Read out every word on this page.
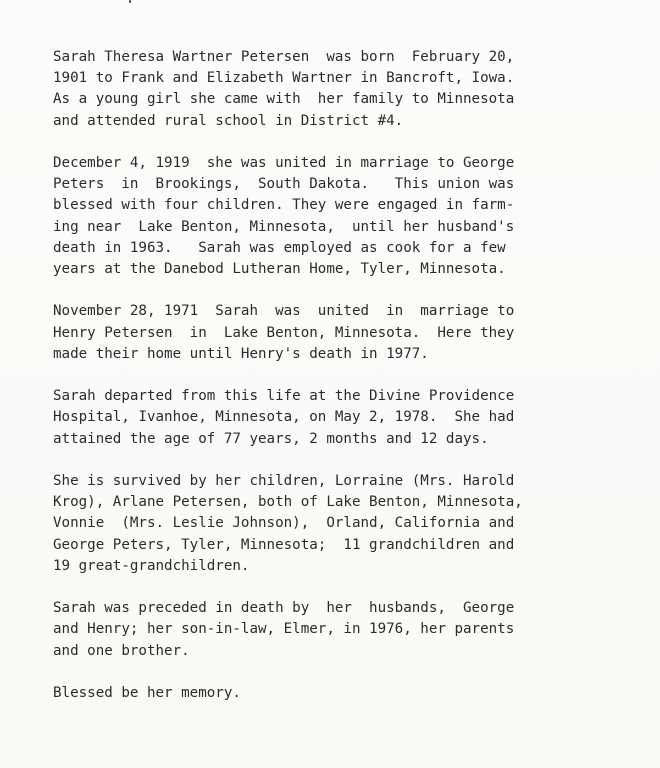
Sarah Theresa Wartner Petersen  was born  February 20,
1901 to Frank and Elizabeth Wartner in Bancroft, Iowa.
As a young girl she came with  her family to Minnesota
and attended rural school in District #4.

December 4, 1919  she was united in marriage to George
Peters  in  Brookings,  South Dakota.   This union was
blessed with four children. They were engaged in farm-
ing near  Lake Benton, Minnesota,  until her husband's
death in 1963.   Sarah was employed as cook for a few
years at the Danebod Lutheran Home, Tyler, Minnesota.

November 28, 1971  Sarah  was  united  in  marriage to
Henry Petersen  in  Lake Benton, Minnesota.  Here they
made their home until Henry's death in 1977.

Sarah departed from this life at the Divine Providence
Hospital, Ivanhoe, Minnesota, on May 2, 1978.  She had
attained the age of 77 years, 2 months and 12 days.

She is survived by her children, Lorraine (Mrs. Harold
Krog), Arlane Petersen, both of Lake Benton, Minnesota,
Vonnie  (Mrs. Leslie Johnson),  Orland, California and
George Peters, Tyler, Minnesota;  11 grandchildren and
19 great-grandchildren.

Sarah was preceded in death by  her  husbands,  George
and Henry; her son-in-law, Elmer, in 1976, her parents
and one brother.

Blessed be her memory.
